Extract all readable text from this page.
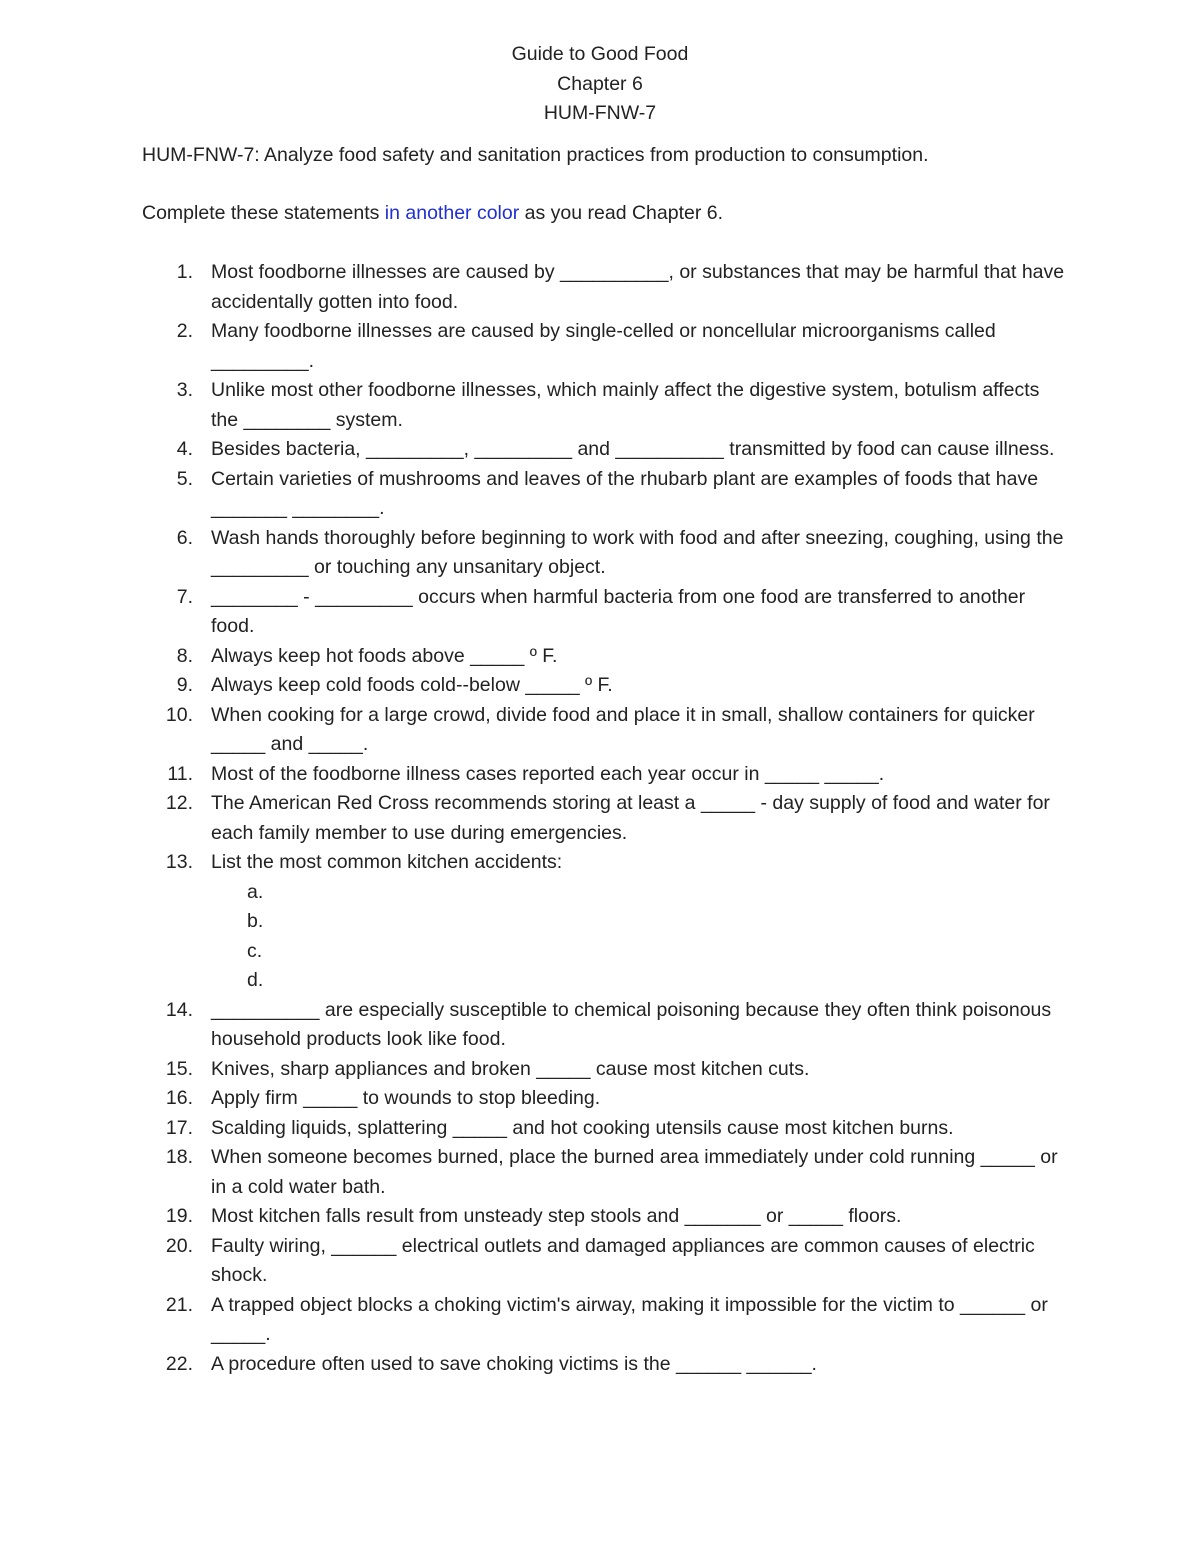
Guide to Good Food
Chapter 6
HUM-FNW-7
HUM-FNW-7: Analyze food safety and sanitation practices from production to consumption.
Complete these statements in another color as you read Chapter 6.
1. Most foodborne illnesses are caused by __________, or substances that may be harmful that have accidentally gotten into food.
2. Many foodborne illnesses are caused by single-celled or noncellular microorganisms called _________.
3. Unlike most other foodborne illnesses, which mainly affect the digestive system, botulism affects the ________ system.
4. Besides bacteria, _________, _________ and __________ transmitted by food can cause illness.
5. Certain varieties of mushrooms and leaves of the rhubarb plant are examples of foods that have _______ ________.
6. Wash hands thoroughly before beginning to work with food and after sneezing, coughing, using the _________ or touching any unsanitary object.
7. ________ - _________ occurs when harmful bacteria from one food are transferred to another food.
8. Always keep hot foods above _____ º F.
9. Always keep cold foods cold--below _____ º F.
10. When cooking for a large crowd, divide food and place it in small, shallow containers for quicker _____ and _____.
11. Most of the foodborne illness cases reported each year occur in _____ _____.
12. The American Red Cross recommends storing at least a _____ - day supply of food and water for each family member to use during emergencies.
13. List the most common kitchen accidents:
a.
b.
c.
d.
14. __________ are especially susceptible to chemical poisoning because they often think poisonous household products look like food.
15. Knives, sharp appliances and broken _____ cause most kitchen cuts.
16. Apply firm _____ to wounds to stop bleeding.
17. Scalding liquids, splattering _____ and hot cooking utensils cause most kitchen burns.
18. When someone becomes burned, place the burned area immediately under cold running _____ or in a cold water bath.
19. Most kitchen falls result from unsteady step stools and _______ or _____ floors.
20. Faulty wiring, ______ electrical outlets and damaged appliances are common causes of electric shock.
21. A trapped object blocks a choking victim's airway, making it impossible for the victim to ______ or _____.
22. A procedure often used to save choking victims is the ______ ______.
